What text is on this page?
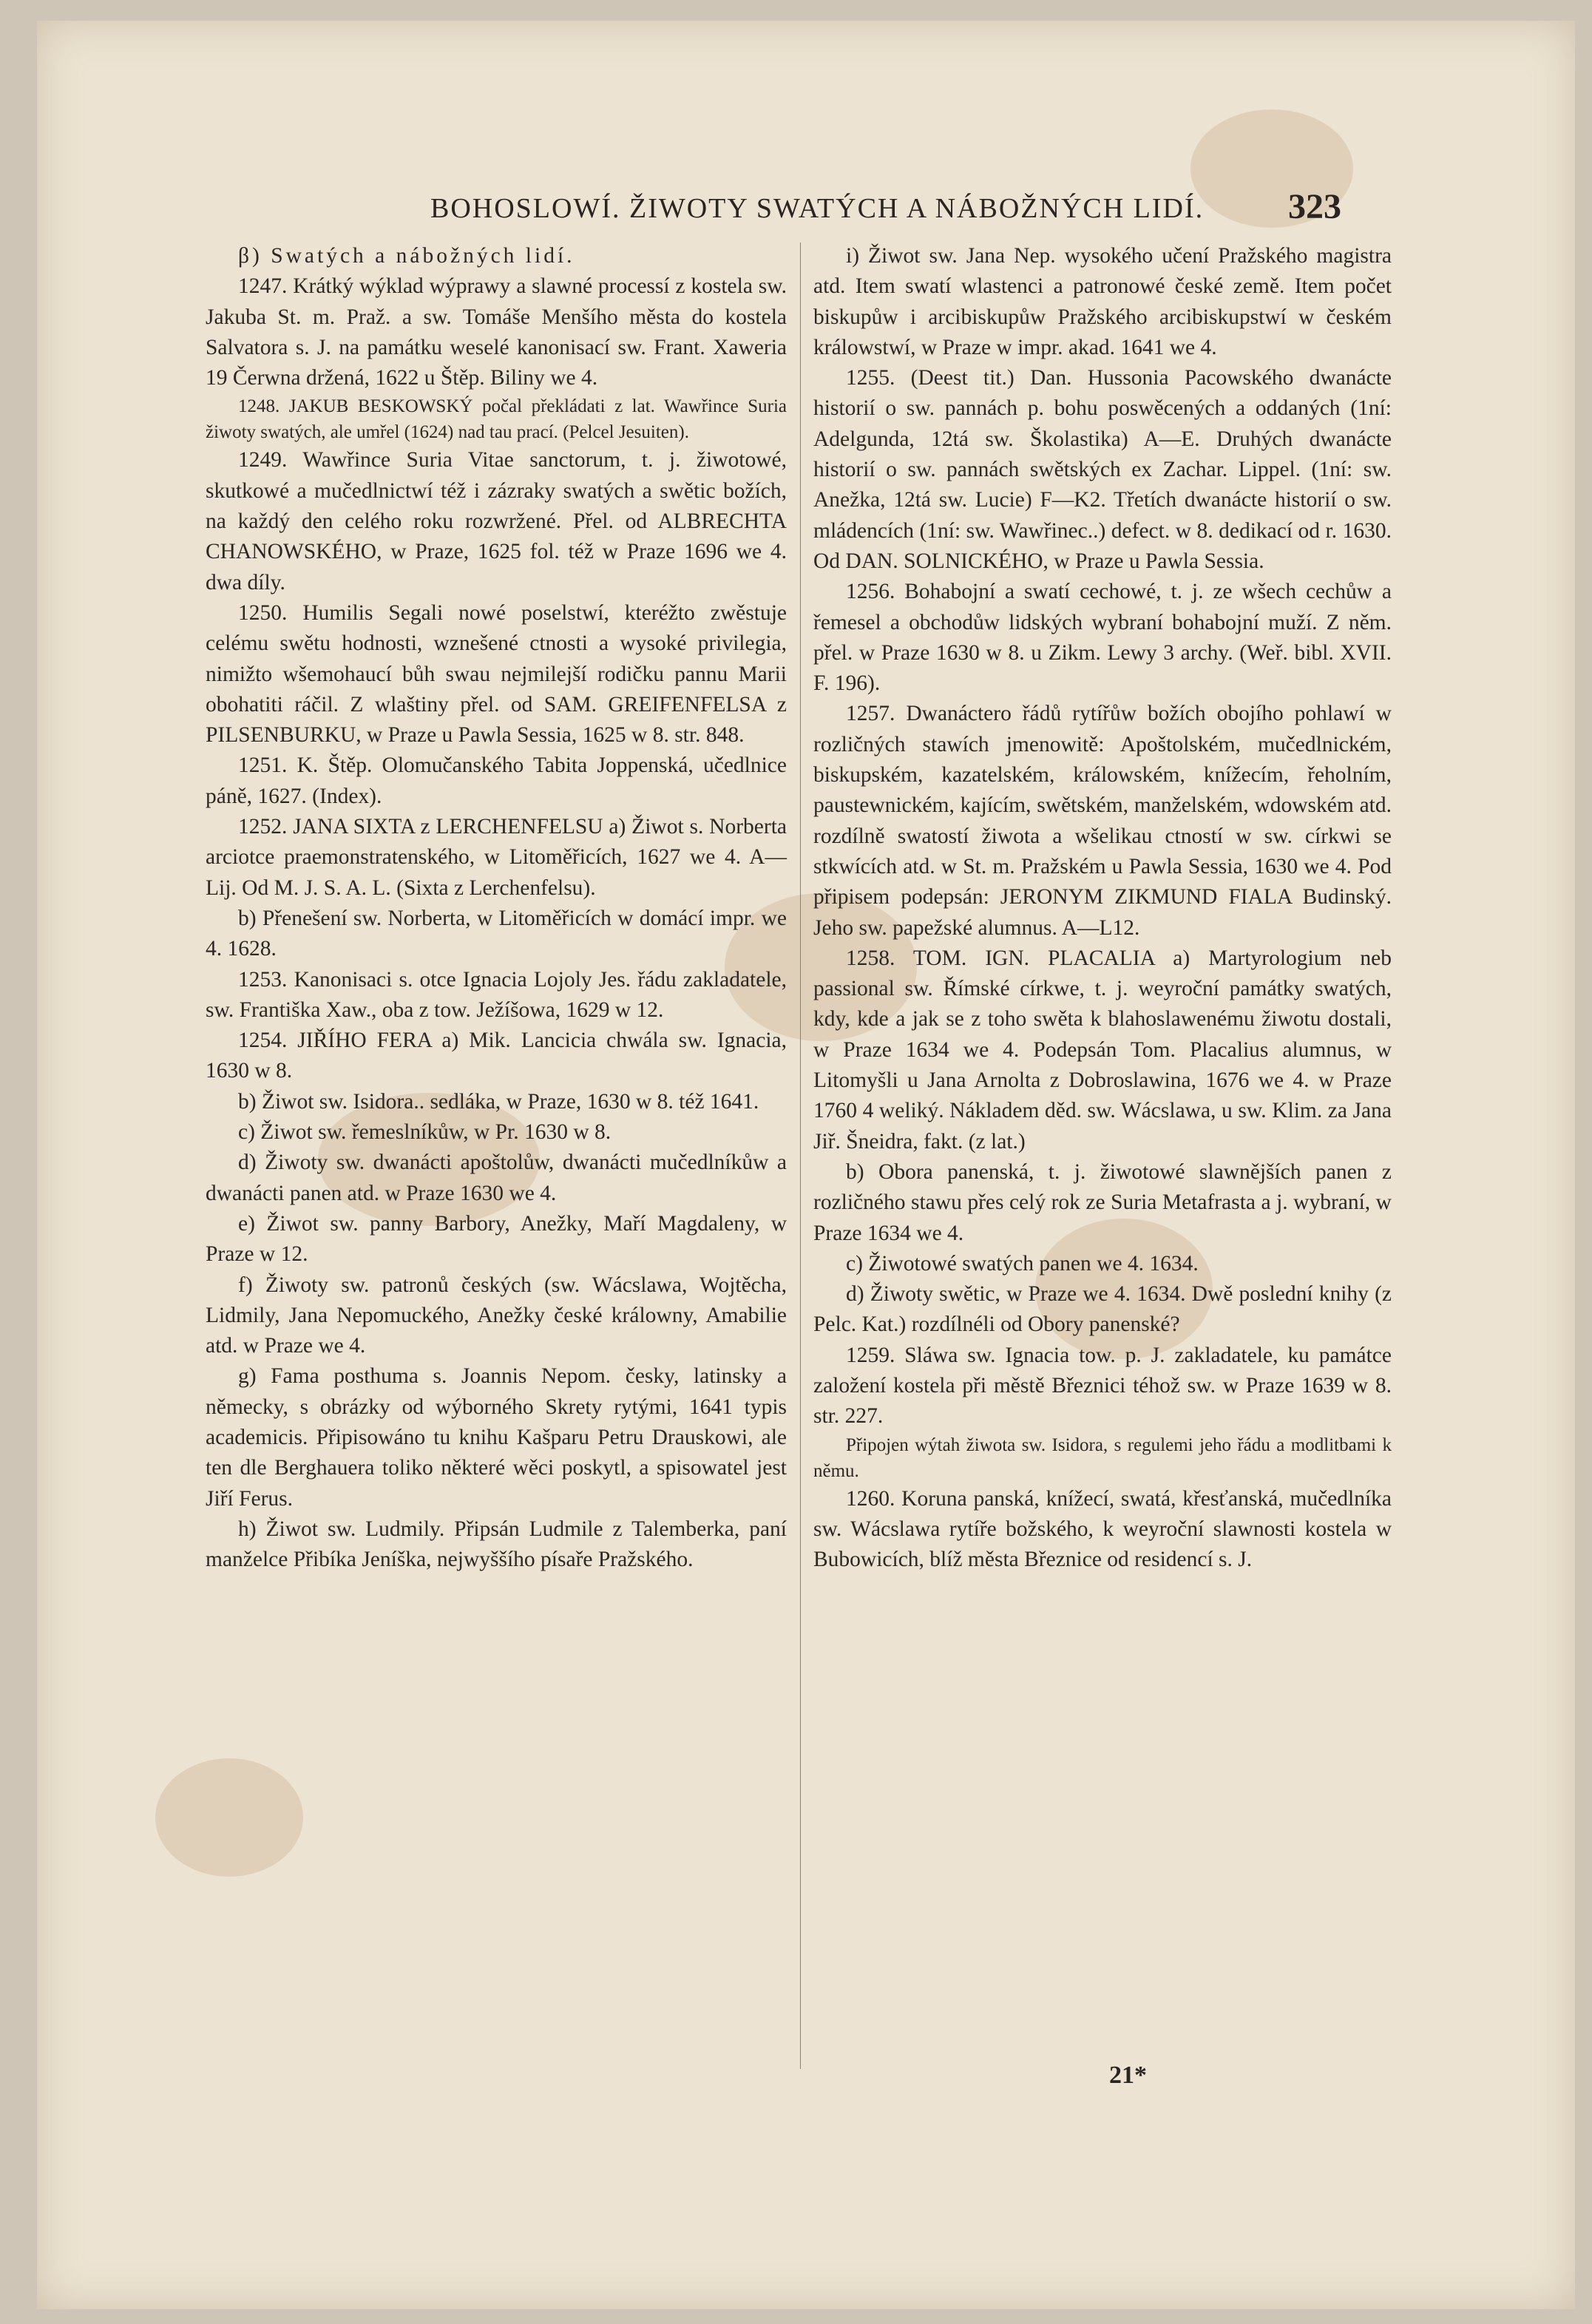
BOHOSLOWÍ. ŽIWOTY SWATÝCH A NÁBOŽNÝCH LIDÍ. 323

β) Swatých a nábožných lidí.

1247. Krátký wýklad wýprawy a slawné processí z kostela sw. Jakuba St. m. Praž. a sw. Tomáše Menšího města do kostela Salvatora s. J. na památku weselé kanonisací sw. Frant. Xaweria 19 Čerwna držená, 1622 u Štěp. Biliny we 4.

1248. JAKUB BESKOWSKÝ počal překládati z lat. Wawřince Suria žiwoty swatých, ale umřel (1624) nad tau prací. (Pelcel Jesuiten).

1249. Wawřince Suria Vitae sanctorum, t. j. žiwotowé, skutkowé a mučedlnictwí též i zázraky swatých a swětic božích, na každý den celého roku rozwržené. Přel. od ALBRECHTA CHANOWSKÉHO, w Praze, 1625 fol. též w Praze 1696 we 4. dwa díly.

1250. Humilis Segali nowé poselstwí, kteréžto zwěstuje celému swětu hodnosti, wznešené ctnosti a wysoké privilegia, nimižto wšemohaucí bůh swau nejmilejší rodičku pannu Marii obohatiti ráčil. Z wlaštiny přel. od SAM. GREIFENFELSA z PILSENBURKU, w Praze u Pawla Sessia, 1625 w 8. str. 848.

1251. K. Štěp. Olomučanského Tabita Joppenská, učedlnice páně, 1627. (Index).

1252. JANA SIXTA z LERCHENFELSU a) Žiwot s. Norberta arciotce praemonstratenského, w Litoměřicích, 1627 we 4. A—Lij. Od M. J. S. A. L. (Sixta z Lerchenfelsu).

b) Přenešení sw. Norberta, w Litoměřicích w domácí impr. we 4. 1628.

1253. Kanonisaci s. otce Ignacia Lojoly Jes. řádu zakladatele, sw. Františka Xaw., oba z tow. Ježíšowa, 1629 w 12.

1254. JIŘÍHO FERA a) Mik. Lancicia chwála sw. Ignacia, 1630 w 8.

b) Žiwot sw. Isidora.. sedláka, w Praze, 1630 w 8. též 1641.

c) Žiwot sw. řemeslníkůw, w Pr. 1630 w 8.

d) Žiwoty sw. dwanácti apoštolůw, dwanácti mučedlníkůw a dwanácti panen atd. w Praze 1630 we 4.

e) Žiwot sw. panny Barbory, Anežky, Maří Magdaleny, w Praze w 12.

f) Žiwoty sw. patronů českých (sw. Wácslawa, Wojtěcha, Lidmily, Jana Nepomuckého, Anežky české králowny, Amabilie atd. w Praze we 4.

g) Fama posthuma s. Joannis Nepom. česky, latinsky a německy, s obrázky od wýborného Skrety rytými, 1641 typis academicis. Připisowáno tu knihu Kašparu Petru Drauskowi, ale ten dle Berghauera toliko některé wěci poskytl, a spisowatel jest Jiří Ferus.

h) Žiwot sw. Ludmily. Připsán Ludmile z Talemberka, paní manželce Přibíka Jeníška, nejwyššího písaře Pražského.

i) Žiwot sw. Jana Nep. wysokého učení Pražského magistra atd. Item swatí wlastenci a patronowé české země. Item počet biskupůw i arcibiskupůw Pražského arcibiskupstwí w českém králowstwí, w Praze w impr. akad. 1641 we 4.

1255. (Deest tit.) Dan. Hussonia Pacowského dwanácte historií o sw. pannách p. bohu poswěcených a oddaných (1ní: Adelgunda, 12tá sw. Školastika) A—E. Druhých dwanácte historií o sw. pannách swětských ex Zachar. Lippel. (1ní: sw. Anežka, 12tá sw. Lucie) F—K2. Třetích dwanácte historií o sw. mládencích (1ní: sw. Wawřinec..) defect. w 8. dedikací od r. 1630. Od DAN. SOLNICKÉHO, w Praze u Pawla Sessia.

1256. Bohabojní a swatí cechowé, t. j. ze wšech cechůw a řemesel a obchodůw lidských wybraní bohabojní muží. Z něm. přel. w Praze 1630 w 8. u Zikm. Lewy 3 archy. (Weř. bibl. XVII. F. 196).

1257. Dwanáctero řádů rytířůw božích obojího pohlawí w rozličných stawích jmenowitě: Apoštolském, mučedlnickém, biskupském, kazatelském, králowském, knížecím, řeholním, paustewnickém, kajícím, swětském, manželském, wdowském atd. rozdílně swatostí žiwota a wšelikau ctností w sw. církwi se stkwících atd. w St. m. Pražském u Pawla Sessia, 1630 we 4. Pod připisem podepsán: JERONYM ZIKMUND FIALA Budinský. Jeho sw. papežské alumnus. A—L12.

1258. TOM. IGN. PLACALIA a) Martyrologium neb passional sw. Římské církwe, t. j. weyroční památky swatých, kdy, kde a jak se z toho swěta k blahoslawenému žiwotu dostali, w Praze 1634 we 4. Podepsán Tom. Placalius alumnus, w Litomyšli u Jana Arnolta z Dobroslawina, 1676 we 4. w Praze 1760 4 weliký. Nákladem děd. sw. Wácslawa, u sw. Klim. za Jana Jiř. Šneidra, fakt. (z lat.)

b) Obora panenská, t. j. žiwotowé slawnějších panen z rozličného stawu přes celý rok ze Suria Metafrasta a j. wybraní, w Praze 1634 we 4.

c) Žiwotowé swatých panen we 4. 1634.

d) Žiwoty swětic, w Praze we 4. 1634. Dwě poslední knihy (z Pelc. Kat.) rozdílnéli od Obory panenské?

1259. Sláwa sw. Ignacia tow. p. J. zakladatele, ku památce založení kostela při městě Březnici téhož sw. w Praze 1639 w 8. str. 227.

Připojen wýtah žiwota sw. Isidora, s regulemi jeho řádu a modlitbami k němu.

1260. Koruna panská, knížecí, swatá, křesťanská, mučedlníka sw. Wácslawa rytíře božského, k weyroční slawnosti kostela w Bubowicích, blíž města Březnice od residencí s. J.

21*
